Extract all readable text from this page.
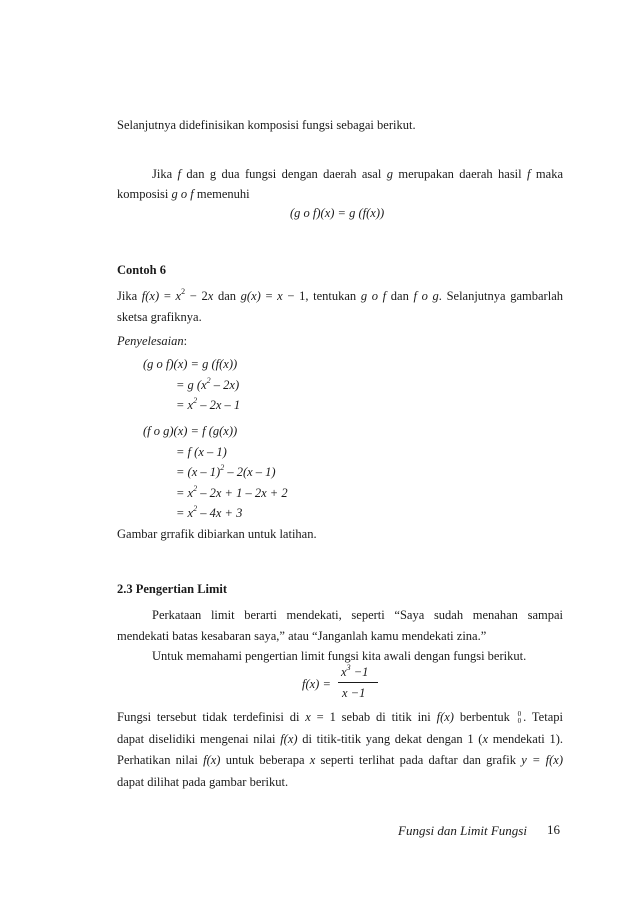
Selanjutnya didefinisikan komposisi fungsi sebagai berikut.
Jika f dan g dua fungsi dengan daerah asal g merupakan daerah hasil f maka
komposisi g ο f memenuhi
(g ο f)(x) = g (f(x))
Contoh 6
Jika $f(x) = x^2 - 2x$ dan g(x) = x − 1, tentukan g ο f dan f ο g. Selanjutnya gambarlah
sketsa grafiknya.
Penyelesaian:
(g ο f)(x) = g (f(x))
= g $(x^2 - 2x)$
= $x^2 - 2x - 1$
(f ο g)(x) = f (g(x))
= f (x – 1)
= (x – 1)$^2$ – 2(x – 1)
= $x^2 - 2x + 1 - 2x + 2$
= $x^2 - 4x + 3$
Gambar grrafik dibiarkan untuk latihan.
2.3 Pengertian Limit
Perkataan limit berarti mendekati, seperti “Saya sudah menahan sampai
mendekati batas kesabaran saya,” atau “Janganlah kamu mendekati zina.”
Untuk memahami pengertian limit fungsi kita awali dengan fungsi berikut.
f(x) =
$x^3 -1$
x −1
Fungsi tersebut tidak terdefinisi di x = 1 sebab di titik ini f(x) berbentuk 0
0 . Tetapi
dapat diselidiki mengenai nilai f(x) di titik-titik yang dekat dengan 1 (x mendekati 1).
Perhatikan nilai f(x) untuk beberapa x seperti terlihat pada daftar dan grafik y = f(x)
dapat dilihat pada gambar berikut.
Fungsi dan Limit Fungsi 16
